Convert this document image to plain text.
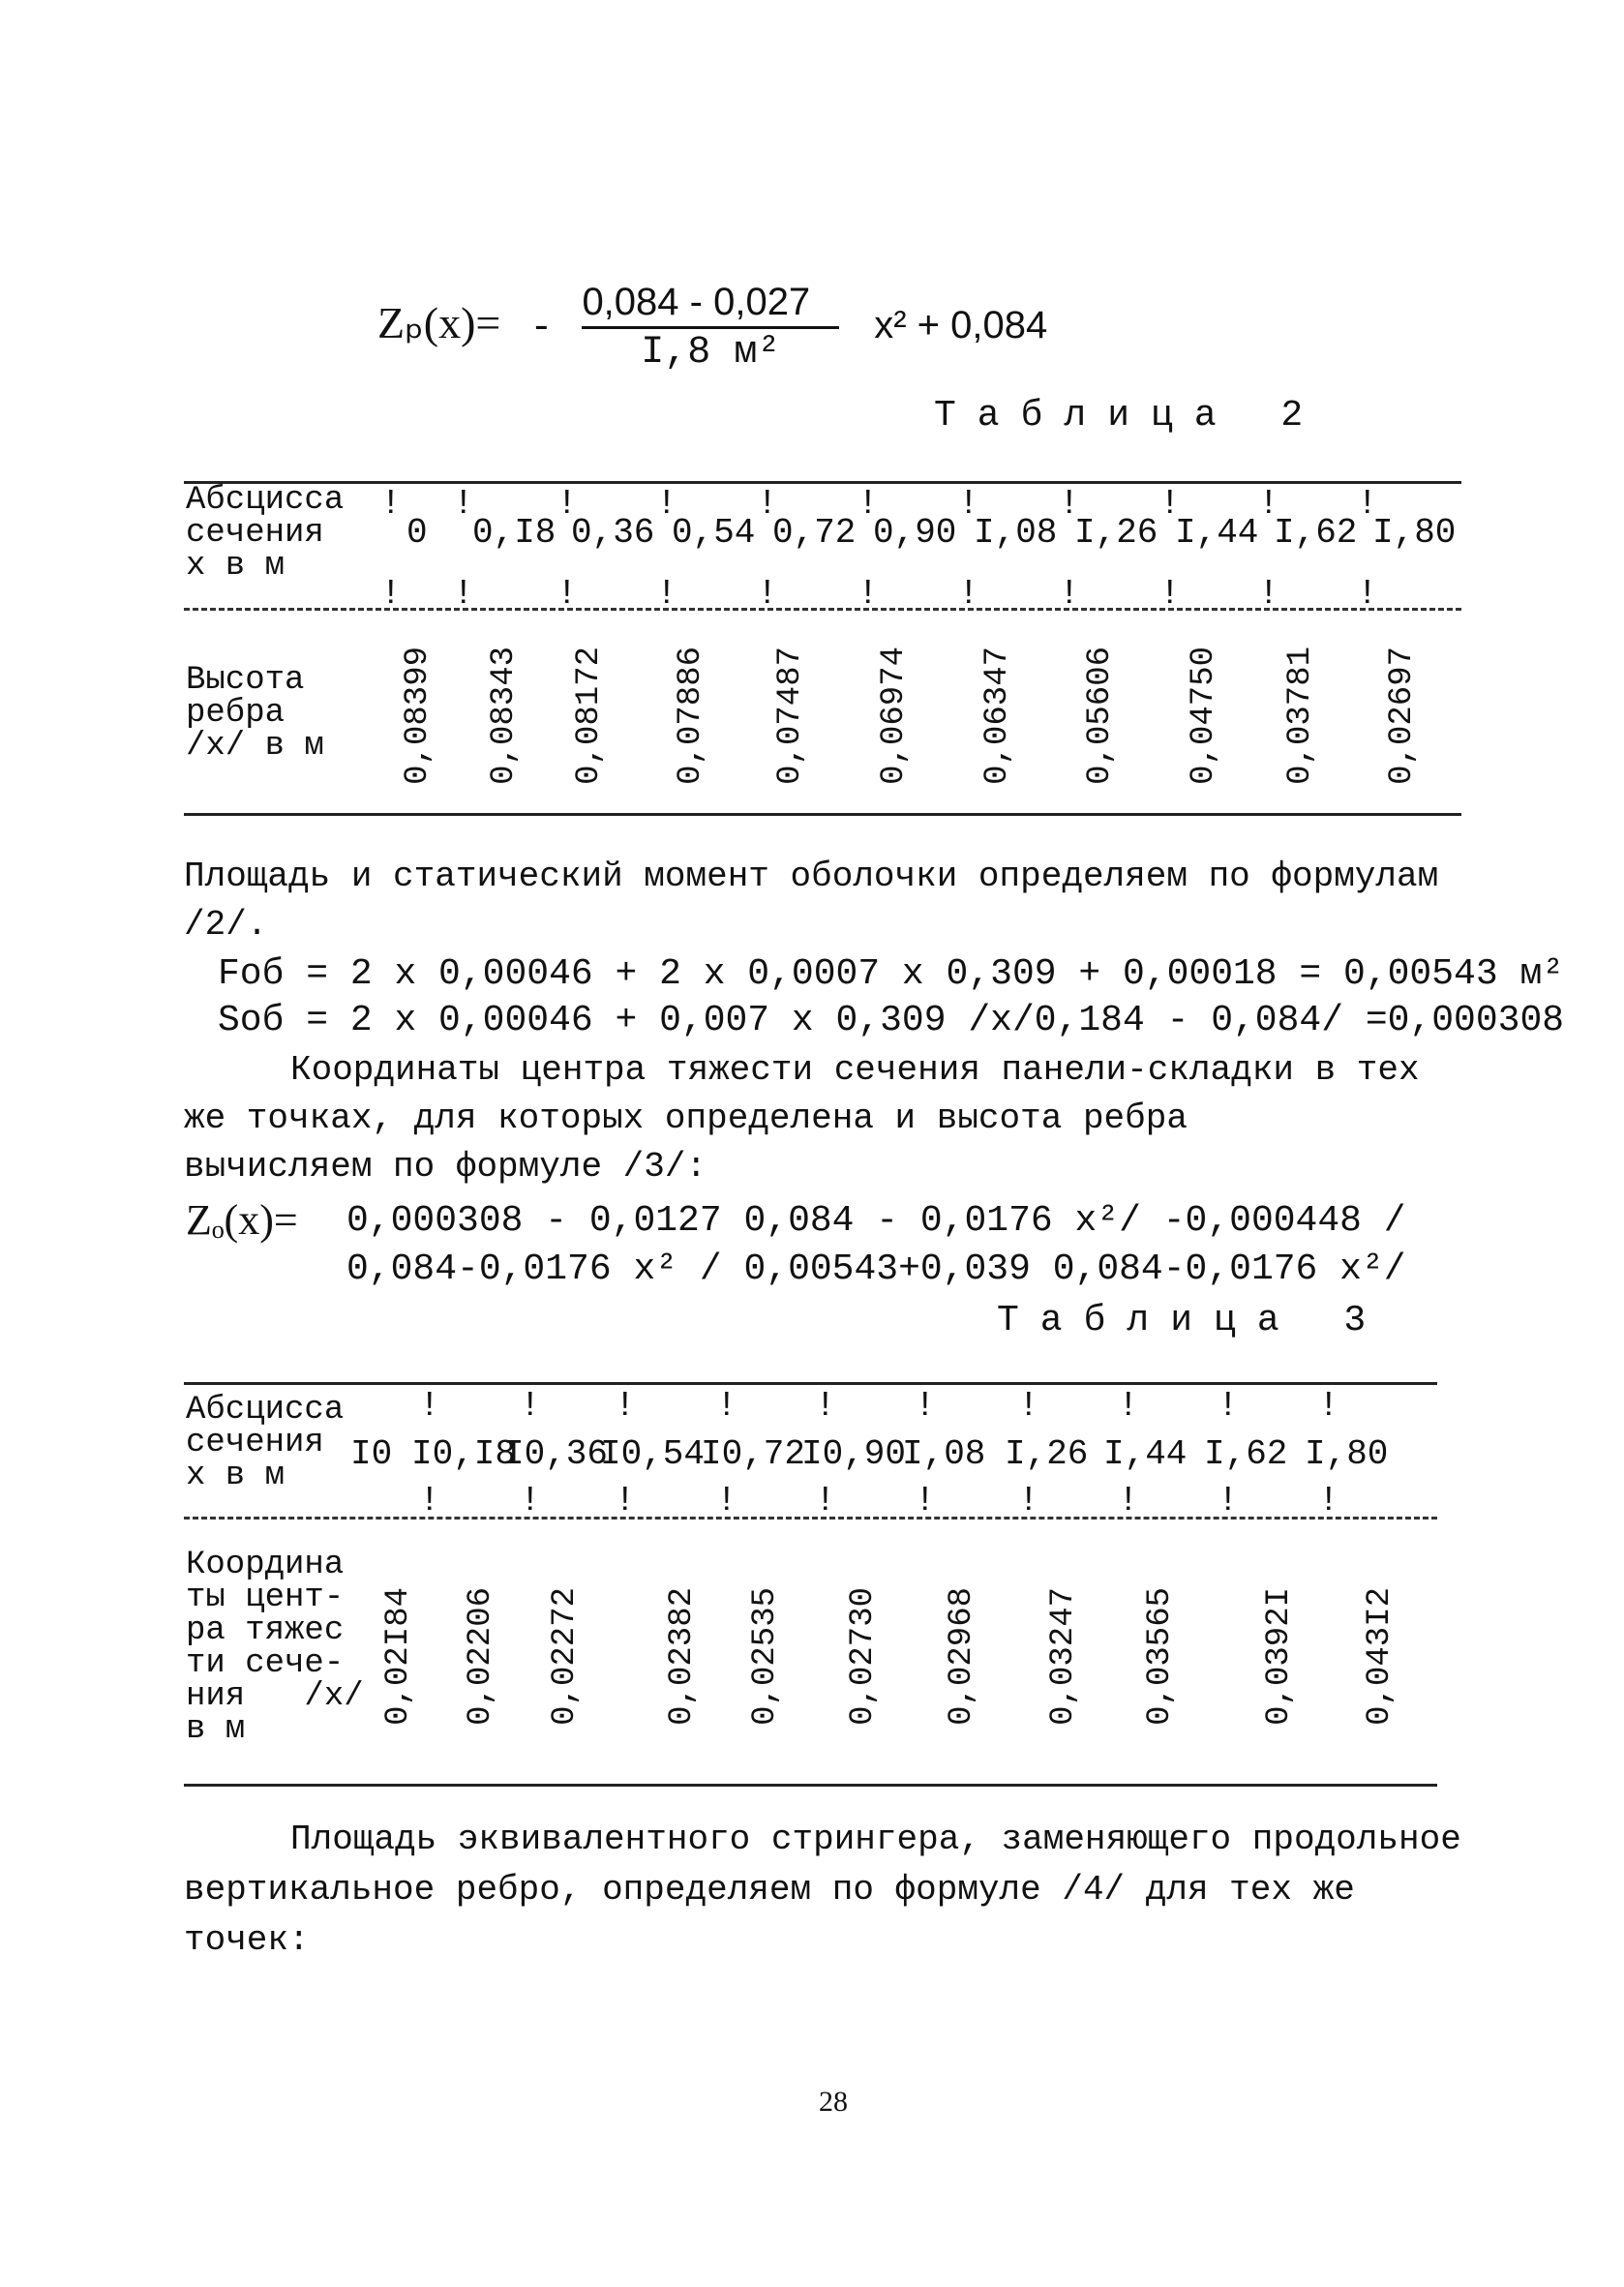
$Z_p(x)= - \frac{0,084 - 0,027}{\text{I,8 м²}} x^2 + 0,084$
Таблица 2
Абсцисса
сечения
х в м
0 0,I8 0,36 0,54 0,72 0,90 I,08 I,26 I,44 I,62 I,80
!
!
!
!
!
!
!
!
!
!
!
!
!
!
!
!
!
!
!
!
!
!
Высота
ребра
/х/ в м 0,08399 0,08343 0,08172 0,07886 0,07487 0,06974 0,06347 0,05606 0,04750 0,03781 0,02697
Площадь и статический момент оболочки определяем по формулам
/2/.
Fоб = 2 х 0,00046 + 2 х 0,0007 х 0,309 + 0,00018 = 0,00543 м²
Sоб = 2 х 0,00046 + 0,007 х 0,309 /х/0,184 - 0,084/ =0,000308
Координаты центра тяжести сечения панели-складки в тех
же точках, для которых определена и высота ребра
вычисляем по формуле /3/:
Zₒ(x)= 0,000308 - 0,0127 0,084 - 0,0176 х²/ -0,000448 /
0,084-0,0176 х² / 0,00543+0,039 0,084-0,0176 х²/
Таблица 3
Абсцисса
сечения
х в м
I0 I0,I8
I0,36
I0,54
I0,72
I0,90
I,08 I,26 I,44 I,62 I,80
!
!
!
!
!
!
!
!
!
!
!
!
!
!
!
!
!
!
!
!
Координа
ты цент-
ра тяжес
ти сече-
ния   /х/
в м
0,02I84 0,02206 0,02272 0,02382 0,02535 0,02730 0,02968 0,03247 0,03565	0,0392I 0,043I2
Площадь эквивалентного стрингера, заменяющего продольное
вертикальное ребро, определяем по формуле /4/ для тех же
точек:
28
